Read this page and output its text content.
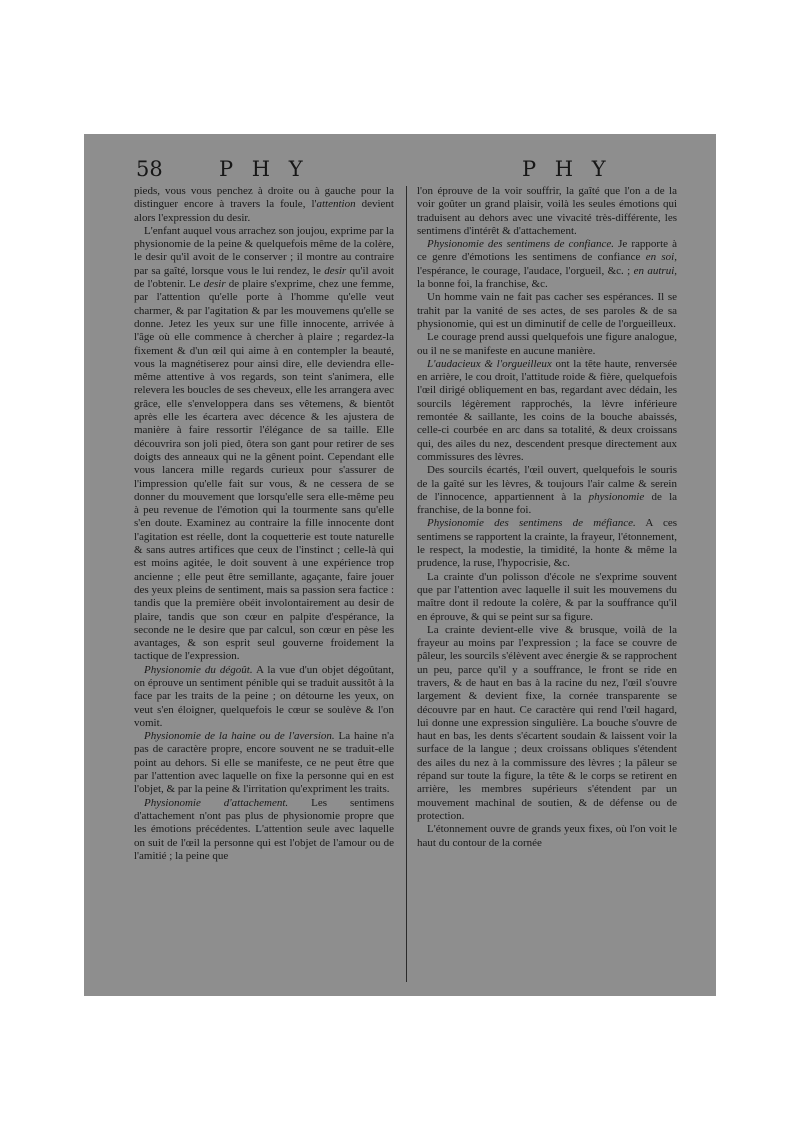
58	P H Y	P H Y

pieds, vous vous penchez à droite ou à gauche pour la distinguer encore à travers la foule, l'attention devient alors l'expression du desir.

L'enfant auquel vous arrachez son joujou, exprime par la physionomie de la peine & quelquefois même de la colère, le desir qu'il avoit de le conserver ; il montre au contraire par sa gaîté, lorsque vous le lui rendez, le desir qu'il avoit de l'obtenir. Le desir de plaire s'exprime, chez une femme, par l'attention qu'elle porte à l'homme qu'elle veut charmer, & par l'agitation & par les mouvemens qu'elle se donne. Jetez les yeux sur une fille innocente, arrivée à l'âge où elle commence à chercher à plaire ; regardez-la fixement & d'un œil qui aime à en contempler la beauté, vous la magnétiserez pour ainsi dire, elle deviendra elle-même attentive à vos regards, son teint s'animera, elle relevera les boucles de ses cheveux, elle les arrangera avec grâce, elle s'enveloppera dans ses vêtemens, & bientôt après elle les écartera avec décence & les ajustera de manière à faire ressortir l'élégance de sa taille. Elle découvrira son joli pied, ôtera son gant pour retirer de ses doigts des anneaux qui ne la gênent point. Cependant elle vous lancera mille regards curieux pour s'assurer de l'impression qu'elle fait sur vous, & ne cessera de se donner du mouvement que lorsqu'elle sera elle-même peu à peu revenue de l'émotion qui la tourmente sans qu'elle s'en doute. Examinez au contraire la fille innocente dont l'agitation est réelle, dont la coquetterie est toute naturelle & sans autres artifices que ceux de l'instinct ; celle-là qui est moins agitée, le doit souvent à une expérience trop ancienne ; elle peut être semillante, agaçante, faire jouer des yeux pleins de sentiment, mais sa passion sera factice : tandis que la première obéit involontairement au desir de plaire, tandis que son cœur en palpite d'espérance, la seconde ne le desire que par calcul, son cœur en pèse les avantages, & son esprit seul gouverne froidement la tactique de l'expression.

Physionomie du dégoût. A la vue d'un objet dégoûtant, on éprouve un sentiment pénible qui se traduit aussitôt à la face par les traits de la peine ; on détourne les yeux, on veut s'en éloigner, quelquefois le cœur se soulève & l'on vomit.

Physionomie de la haine ou de l'aversion. La haine n'a pas de caractère propre, encore souvent ne se traduit-elle point au dehors. Si elle se manifeste, ce ne peut être que par l'attention avec laquelle on fixe la personne qui en est l'objet, & par la peine & l'irritation qu'expriment les traits.

Physionomie d'attachement. Les sentimens d'attachement n'ont pas plus de physionomie propre que les émotions précédentes. L'attention seule avec laquelle on suit de l'œil la personne qui est l'objet de l'amour ou de l'amitié ; la peine que

l'on éprouve de la voir souffrir, la gaîté que l'on a de la voir goûter un grand plaisir, voilà les seules émotions qui traduisent au dehors avec une vivacité très-différente, les sentimens d'intérêt & d'attachement.

Physionomie des sentimens de confiance. Je rapporte à ce genre d'émotions les sentimens de confiance en soi, l'espérance, le courage, l'audace, l'orgueil, &c. ; en autrui, la bonne foi, la franchise, &c.

Un homme vain ne fait pas cacher ses espérances. Il se trahit par la vanité de ses actes, de ses paroles & de sa physionomie, qui est un diminutif de celle de l'orgueilleux.

Le courage prend aussi quelquefois une figure analogue, ou il ne se manifeste en aucune manière.

L'audacieux & l'orgueilleux ont la tête haute, renversée en arrière, le cou droit, l'attitude roide & fière, quelquefois l'œil dirigé obliquement en bas, regardant avec dédain, les sourcils légèrement rapprochés, la lèvre inférieure remontée & saillante, les coins de la bouche abaissés, celle-ci courbée en arc dans sa totalité, & deux croissans qui, des ailes du nez, descendent presque directement aux commissures des lèvres.

Des sourcils écartés, l'œil ouvert, quelquefois le souris de la gaîté sur les lèvres, & toujours l'air calme & serein de l'innocence, appartiennent à la physionomie de la franchise, de la bonne foi.

Physionomie des sentimens de méfiance. A ces sentimens se rapportent la crainte, la frayeur, l'étonnement, le respect, la modestie, la timidité, la honte & même la prudence, la ruse, l'hypocrisie, &c.

La crainte d'un polisson d'école ne s'exprime souvent que par l'attention avec laquelle il suit les mouvemens du maître dont il redoute la colère, & par la souffrance qu'il en éprouve, & qui se peint sur sa figure.

La crainte devient-elle vive & brusque, voilà de la frayeur au moins par l'expression ; la face se couvre de pâleur, les sourcils s'élèvent avec énergie & se rapprochent un peu, parce qu'il y a souffrance, le front se ride en travers, & de haut en bas à la racine du nez, l'œil s'ouvre largement & devient fixe, la cornée transparente se découvre par en haut. Ce caractère qui rend l'œil hagard, lui donne une expression singulière. La bouche s'ouvre de haut en bas, les dents s'écartent soudain & laissent voir la surface de la langue ; deux croissans obliques s'étendent des ailes du nez à la commissure des lèvres ; la pâleur se répand sur toute la figure, la tête & le corps se retirent en arrière, les membres supérieurs s'étendent par un mouvement machinal de soutien, & de défense ou de protection.

L'étonnement ouvre de grands yeux fixes, où l'on voit le haut du contour de la cornée
